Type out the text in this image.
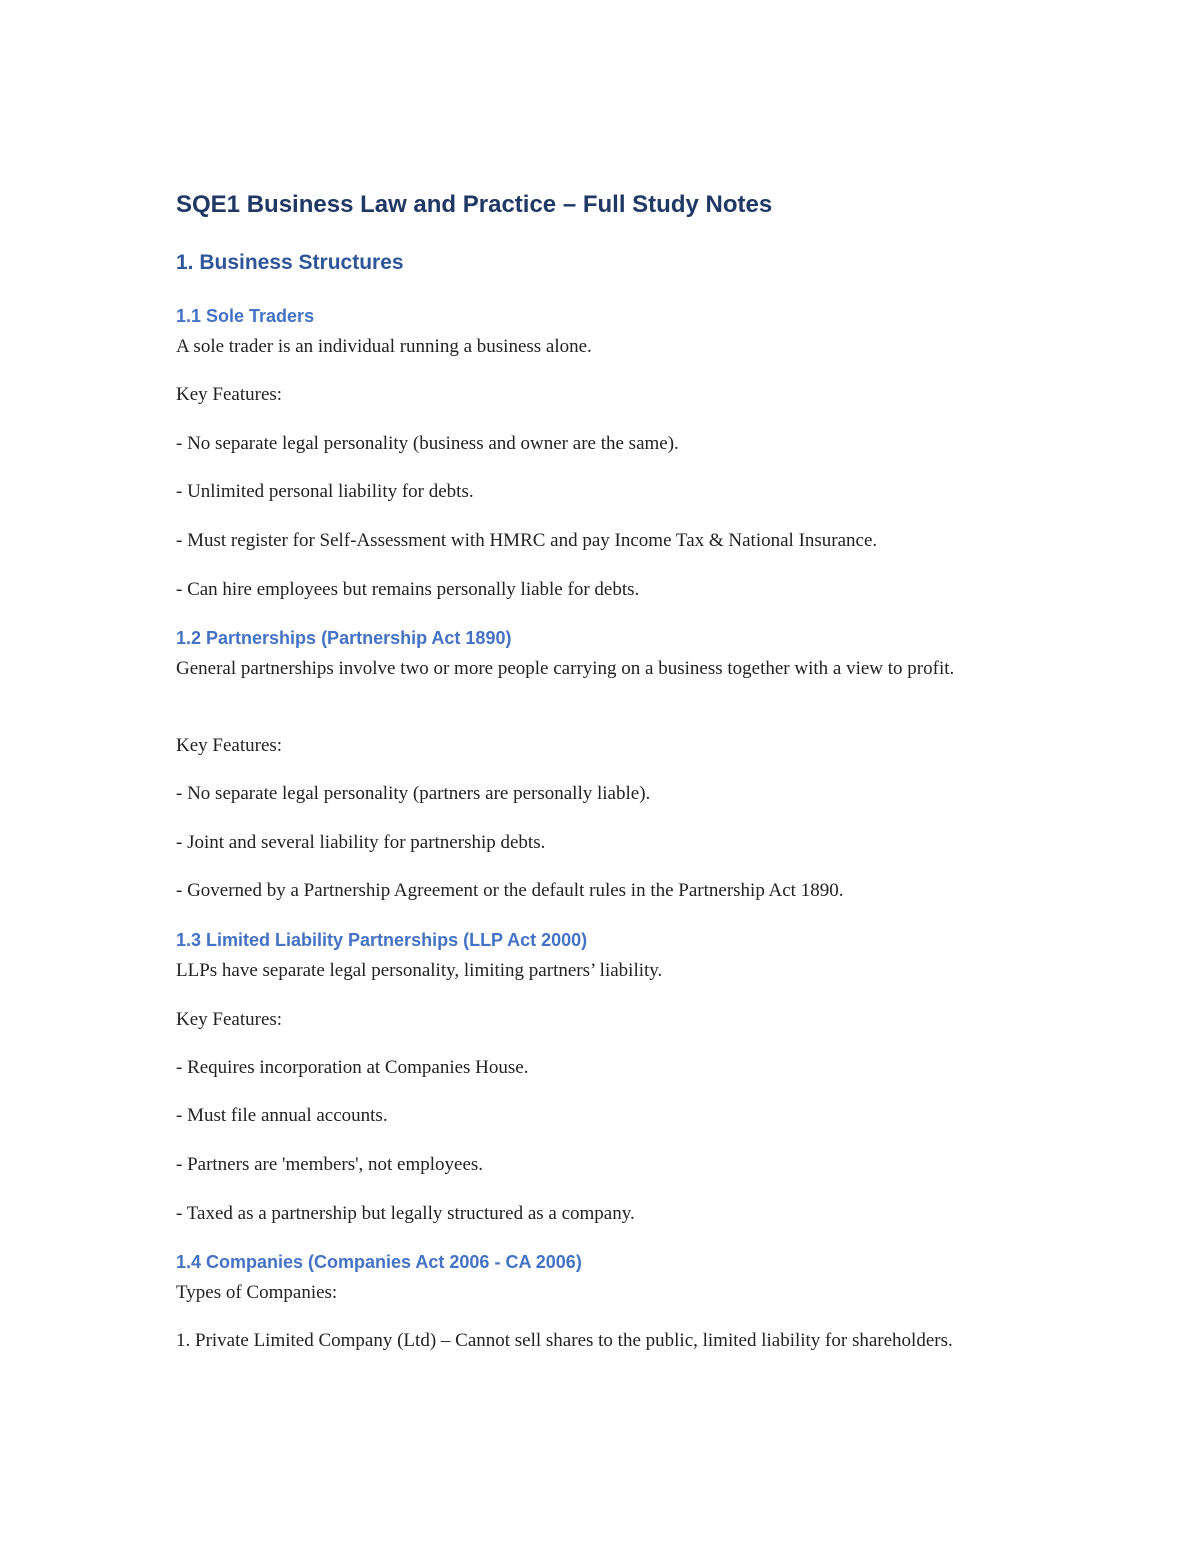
SQE1 Business Law and Practice – Full Study Notes
1. Business Structures
1.1 Sole Traders

A sole trader is an individual running a business alone.

Key Features:

- No separate legal personality (business and owner are the same).

- Unlimited personal liability for debts.

- Must register for Self-Assessment with HMRC and pay Income Tax & National Insurance.

- Can hire employees but remains personally liable for debts.

1.2 Partnerships (Partnership Act 1890)

General partnerships involve two or more people carrying on a business together with a view to profit.

Key Features:

- No separate legal personality (partners are personally liable).

- Joint and several liability for partnership debts.

- Governed by a Partnership Agreement or the default rules in the Partnership Act 1890.

1.3 Limited Liability Partnerships (LLP Act 2000)

LLPs have separate legal personality, limiting partners’ liability.

Key Features:

- Requires incorporation at Companies House.

- Must file annual accounts.

- Partners are 'members', not employees.

- Taxed as a partnership but legally structured as a company.

1.4 Companies (Companies Act 2006 - CA 2006)

Types of Companies:

1. Private Limited Company (Ltd) – Cannot sell shares to the public, limited liability for shareholders.
